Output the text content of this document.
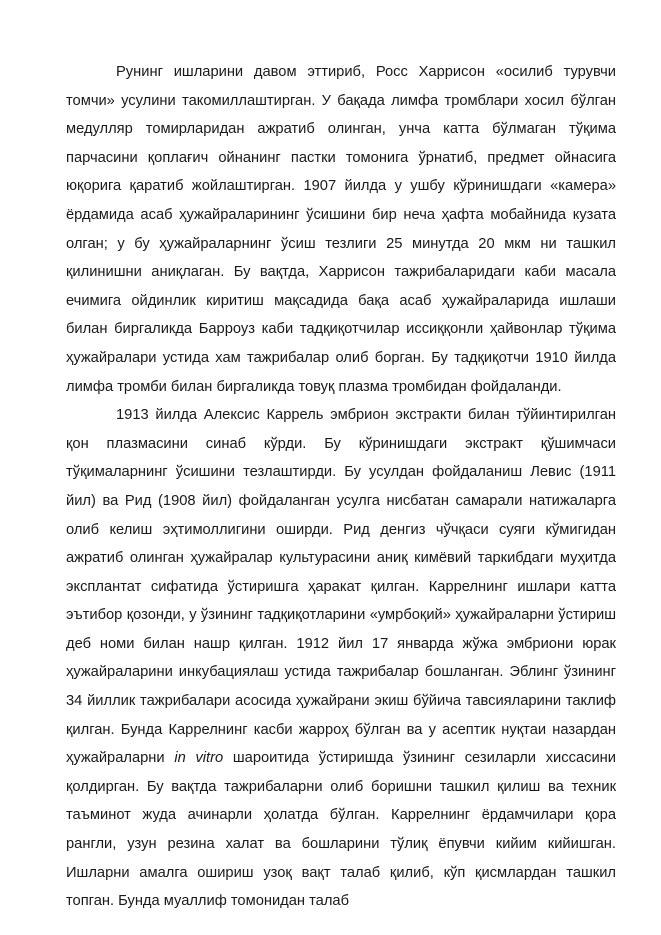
Рунинг ишларини давом эттириб, Росс Харрисон «осилиб турувчи томчи» усулини такомиллаштирган. У бақада лимфа тромблари хосил бўлган медулляр томирларидан ажратиб олинган, унча катта бўлмаган тўқима парчасини қоплағич ойнанинг пастки томонига ўрнатиб, предмет ойнасига юқорига қаратиб жойлаштирган. 1907 йилда у ушбу кўринишдаги «камера» ёрдамида асаб ҳужайраларининг ўсишини бир неча ҳафта мобайнида кузата олган; у бу ҳужайраларнинг ўсиш тезлиги 25 минутда 20 мкм ни ташкил қилинишни аниқлаган. Бу вақтда, Харрисон тажрибаларидаги каби масала ечимига ойдинлик киритиш мақсадида бақа асаб ҳужайраларида ишлаши билан биргаликда Барроуз каби тадқиқотчилар иссиққонли ҳайвонлар тўқима ҳужайралари устида хам тажрибалар олиб борган. Бу тадқиқотчи 1910 йилда лимфа тромби билан биргаликда товуқ плазма тромбидан фойдаланди.

1913 йилда Алексис Каррель эмбрион экстракти билан тўйинтирилган қон плазмасини синаб кўрди. Бу кўринишдаги экстракт қўшимчаси тўқималарнинг ўсишини тезлаштирди. Бу усулдан фойдаланиш Левис (1911 йил) ва Рид (1908 йил) фойдаланган усулга нисбатан самарали натижаларга олиб келиш эҳтимоллигини оширди. Рид денгиз чўчқаси суяги кўмигидан ажратиб олинган ҳужайралар культурасини аниқ кимёвий таркибдаги муҳитда эксплантат сифатида ўстиришга ҳаракат қилган. Каррелнинг ишлари катта эътибор қозонди, у ўзининг тадқиқотларини «умрбоқий» ҳужайраларни ўстириш деб номи билан нашр қилган. 1912 йил 17 январда жўжа эмбриони юрак ҳужайраларини инкубациялаш устида тажрибалар бошланган. Эблинг ўзининг 34 йиллик тажрибалари асосида ҳужайрани экиш бўйича тавсияларини таклиф қилган. Бунда Каррелнинг касби жарроҳ бўлган ва у асептик нуқтаи назардан ҳужайраларни in vitro шароитида ўстиришда ўзининг сезиларли хиссасини қолдирган. Бу вақтда тажрибаларни олиб боришни ташкил қилиш ва техник таъминот жуда ачинарли ҳолатда бўлган. Каррелнинг ёрдамчилари қора рангли, узун резина халат ва бошларини тўлиқ ёпувчи кийим кийишган. Ишларни амалга ошириш узоқ вақт талаб қилиб, кўп қисмлардан ташкил топган. Бунда муаллиф томонидан талаб
